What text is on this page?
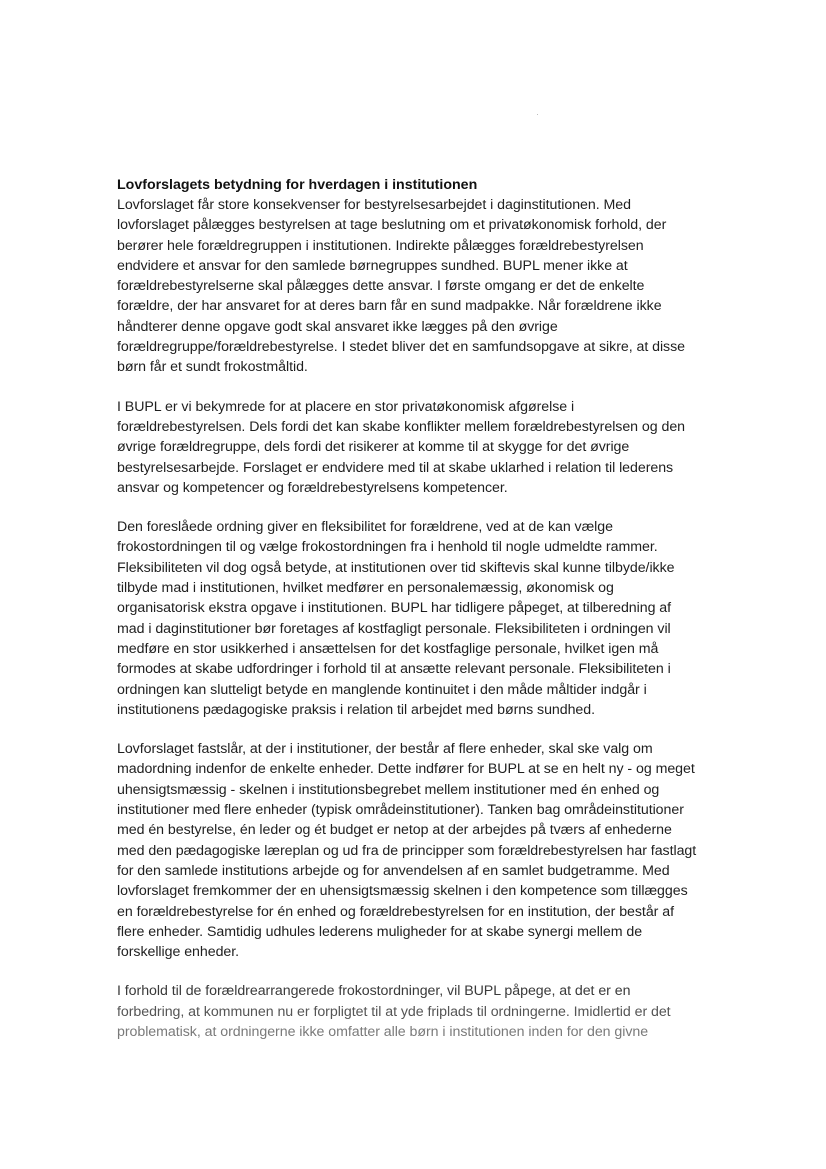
Lovforslagets betydning for hverdagen i institutionen
Lovforslaget får store konsekvenser for bestyrelsesarbejdet i daginstitutionen. Med
lovforslaget pålægges bestyrelsen at tage beslutning om et privatøkonomisk forhold, der
berører hele forældregruppen i institutionen. Indirekte pålægges forældrebestyrelsen
endvidere et ansvar for den samlede børnegruppes sundhed. BUPL mener ikke at
forældrebestyrelserne skal pålægges dette ansvar. I første omgang er det de enkelte
forældre, der har ansvaret for at deres barn får en sund madpakke. Når forældrene ikke
håndterer denne opgave godt skal ansvaret ikke lægges på den øvrige
forældregruppe/forældrebestyrelse. I stedet bliver det en samfundsopgave at sikre, at disse
børn får et sundt frokostmåltid.
I BUPL er vi bekymrede for at placere en stor privatøkonomisk afgørelse i
forældrebestyrelsen. Dels fordi det kan skabe konflikter mellem forældrebestyrelsen og den
øvrige forældregruppe, dels fordi det risikerer at komme til at skygge for det øvrige
bestyrelsesarbejde. Forslaget er endvidere med til at skabe uklarhed i relation til lederens
ansvar og kompetencer og forældrebestyrelsens kompetencer.
Den foreslåede ordning giver en fleksibilitet for forældrene, ved at de kan vælge
frokostordningen til og vælge frokostordningen fra i henhold til nogle udmeldte rammer.
Fleksibiliteten vil dog også betyde, at institutionen over tid skiftevis skal kunne tilbyde/ikke
tilbyde mad i institutionen, hvilket medfører en personalemæssig, økonomisk og
organisatorisk ekstra opgave i institutionen. BUPL har tidligere påpeget, at tilberedning af
mad i daginstitutioner bør foretages af kostfagligt personale. Fleksibiliteten i ordningen vil
medføre en stor usikkerhed i ansættelsen for det kostfaglige personale, hvilket igen må
formodes at skabe udfordringer i forhold til at ansætte relevant personale. Fleksibiliteten i
ordningen kan slutteligt betyde en manglende kontinuitet i den måde måltider indgår i
institutionens pædagogiske praksis i relation til arbejdet med børns sundhed.
Lovforslaget fastslår, at der i institutioner, der består af flere enheder, skal ske valg om
madordning indenfor de enkelte enheder. Dette indfører for BUPL at se en helt ny - og meget
uhensigtsmæssig - skelnen i institutionsbegrebet mellem institutioner med én enhed og
institutioner med flere enheder (typisk områdeinstitutioner). Tanken bag områdeinstitutioner
med én bestyrelse, én leder og ét budget er netop at der arbejdes på tværs af enhederne
med den pædagogiske læreplan og ud fra de principper som forældrebestyrelsen har fastlagt
for den samlede institutions arbejde og for anvendelsen af en samlet budgetramme. Med
lovforslaget fremkommer der en uhensigtsmæssig skelnen i den kompetence som tillægges
en forældrebestyrelse for én enhed og forældrebestyrelsen for en institution, der består af
flere enheder. Samtidig udhules lederens muligheder for at skabe synergi mellem de
forskellige enheder.
I forhold til de forældrearrangerede frokostordninger, vil BUPL påpege, at det er en
forbedring, at kommunen nu er forpligtet til at yde friplads til ordningerne. Imidlertid er det
problematisk, at ordningerne ikke omfatter alle børn i institutionen inden for den givne
